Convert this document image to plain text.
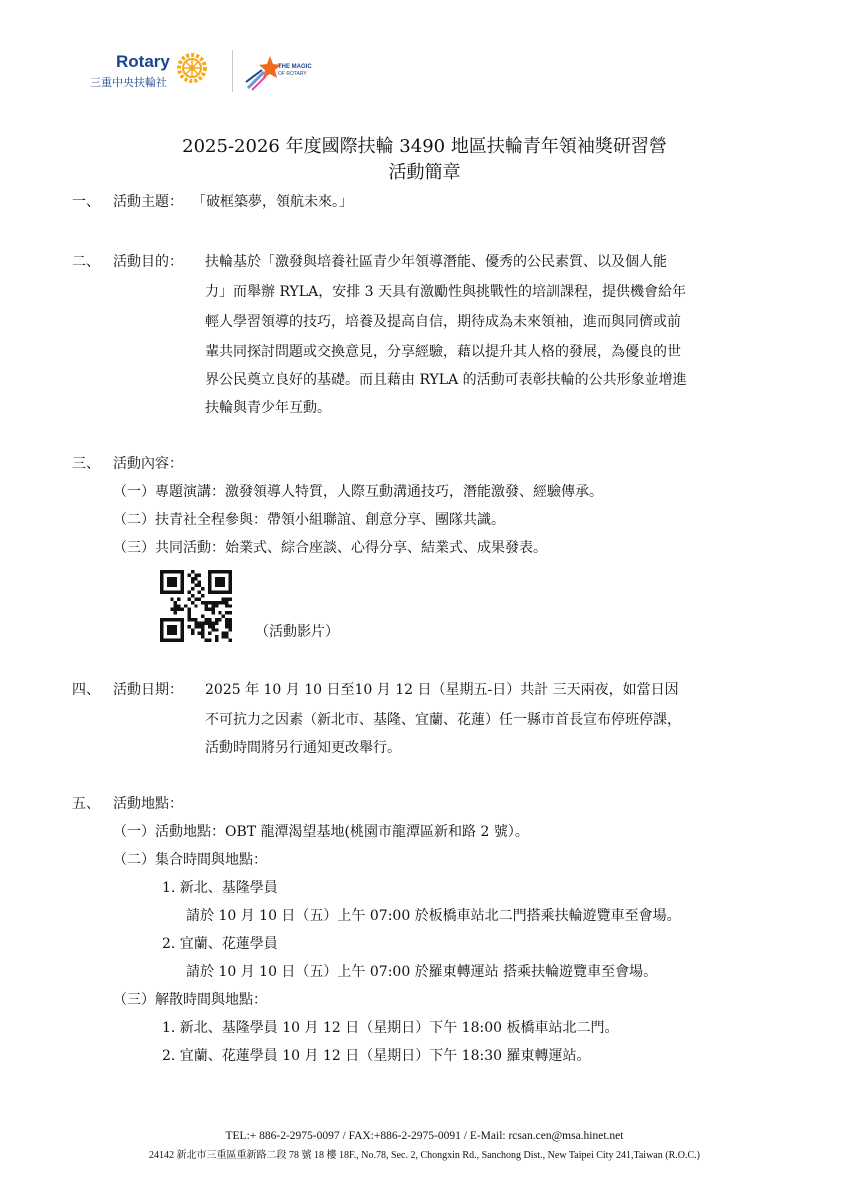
Rotary
三重中央扶輪社
THE MAGIC
OF ROTARY
2025-2026 年度國際扶輪 3490 地區扶輪青年領袖獎研習營
活動簡章
一、 活動主題： 「破框築夢，領航未來。」
二、 活動目的： 扶輪基於「激發與培養社區青少年領導潛能、優秀的公民素質、以及個人能
力」而舉辦 RYLA，安排 3 天具有激勵性與挑戰性的培訓課程，提供機會給年
輕人學習領導的技巧，培養及提高自信，期待成為未來領袖，進而與同儕或前
輩共同探討問題或交換意見，分享經驗，藉以提升其人格的發展，為優良的世
界公民奠立良好的基礎。而且藉由 RYLA 的活動可表彰扶輪的公共形象並增進
扶輪與青少年互動。
三、 活動內容：
（一）專題演講：激發領導人特質，人際互動溝通技巧，潛能激發、經驗傳承。
（二）扶青社全程參與：帶領小組聯誼、創意分享、團隊共識。
（三）共同活動：始業式、綜合座談、心得分享、結業式、成果發表。
（活動影片）
四、 活動日期： 2025 年 10 月 10 日至10 月 12 日（星期五-日）共計 三天兩夜，如當日因
不可抗力之因素（新北市、基隆、宜蘭、花蓮）任一縣市首長宣布停班停課，
活動時間將另行通知更改舉行。
五、 活動地點：
（一）活動地點：OBT 龍潭渴望基地(桃園市龍潭區新和路 2 號）。
（二）集合時間與地點：
1. 新北、基隆學員
請於 10 月 10 日（五）上午 07:00 於板橋車站北二門搭乘扶輪遊覽車至會場。
2. 宜蘭、花蓮學員
請於 10 月 10 日（五）上午 07:00 於羅東轉運站 搭乘扶輪遊覽車至會場。
（三）解散時間與地點：
1. 新北、基隆學員 10 月 12 日（星期日）下午 18:00 板橋車站北二門。
2. 宜蘭、花蓮學員 10 月 12 日（星期日）下午 18:30 羅東轉運站。
TEL:+ 886-2-2975-0097 / FAX:+886-2-2975-0091 / E-Mail: rcsan.cen@msa.hinet.net
24142 新北市三重區重新路二段 78 號 18 樓 18F., No.78, Sec. 2, Chongxin Rd., Sanchong Dist., New Taipei City 241,Taiwan (R.O.C.)
